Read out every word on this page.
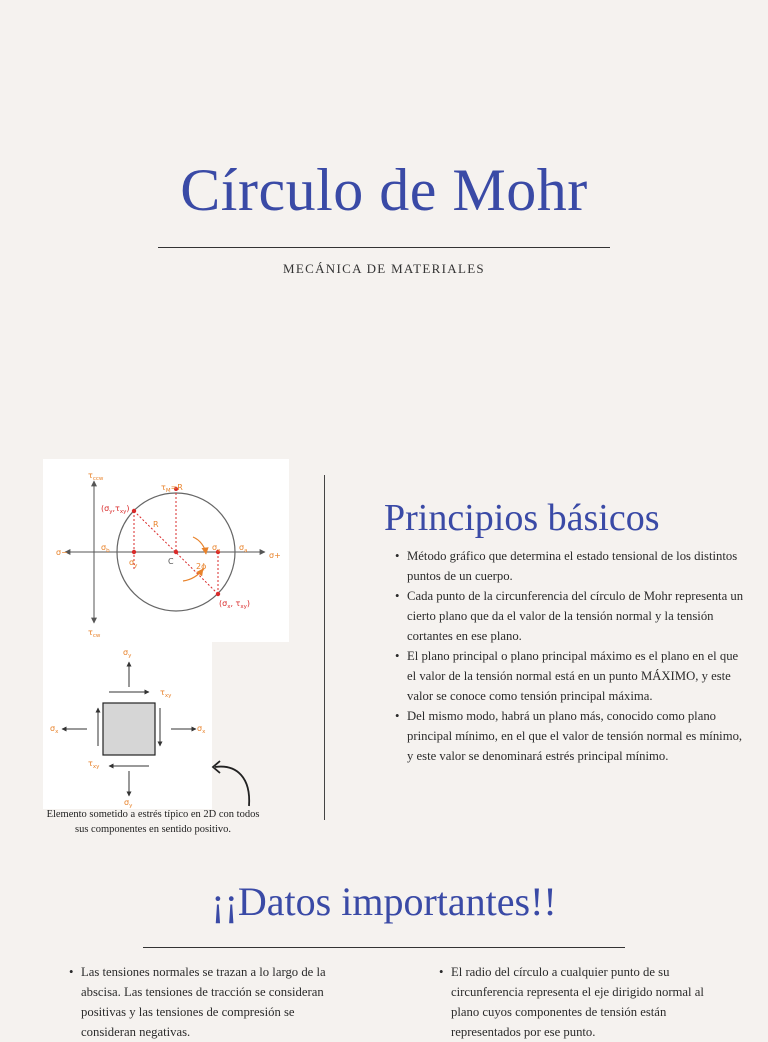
Círculo de Mohr
MECÁNICA DE MATERIALES
$\tau_{ccw}$
$\tau_{cw}$
σ−	σ+
$\tau_M=R$
$(\sigma_y,\tau_{xy})$
($\sigma_x$, $\tau_{xy}$)
R
C
2ϕ
$\sigma_b$
$\sigma_y$
$\sigma_x$ $\sigma_a$
$\sigma_y$
$\tau_{xy}$
$\sigma_x$	$\sigma_x$
$\tau_{xy}$
$\sigma_y$
Elemento sometido a estrés típico en 2D con todos sus componentes en sentido positivo.
Principios básicos
• Método gráfico que determina el estado tensional de los distintos puntos de un cuerpo.
• Cada punto de la circunferencia del círculo de Mohr representa un cierto plano que da el valor de la tensión normal y la tensión cortantes en ese plano.
• El plano principal o plano principal máximo es el plano en el que el valor de la tensión normal está en un punto MÁXIMO, y este valor se conoce como tensión principal máxima.
• Del mismo modo, habrá un plano más, conocido como plano principal mínimo, en el que el valor de tensión normal es mínimo, y este valor se denominará estrés principal mínimo.
¡¡Datos importantes!!
• Las tensiones normales se trazan a lo largo de la abscisa. Las tensiones de tracción se consideran positivas y las tensiones de compresión se consideran negativas.
• El radio del círculo a cualquier punto de su circunferencia representa el eje dirigido normal al plano cuyos componentes de tensión están representados por ese punto.
